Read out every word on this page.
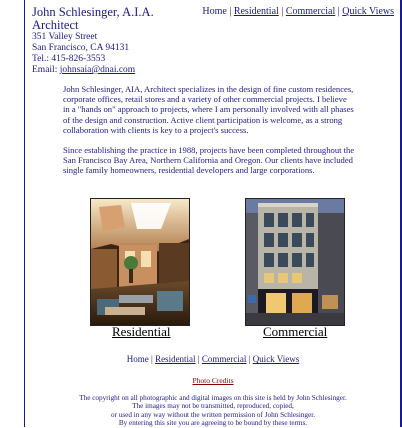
John Schlesinger, A.I.A.
Architect
351 Valley Street
San Francisco, CA 94131
Tel.: 415-826-3553
Email: johnsaia@dnai.com
Home | Residential | Commercial | Quick Views

John Schlesinger, AIA, Architect specializes in the design of fine custom residences, corporate offices, retail stores and a variety of other commercial projects. I believe in a "hands on" approach to projects, where I am personally involved with all phases of the design and construction. Active client participation is welcome, as a strong collaboration with clients is key to a project's success.

Since establishing the practice in 1988, projects have been completed throughout the San Francisco Bay Area, Northern California and Oregon. Our clients have included single family homeowners, residential developers and large corporations.

Residential	Commercial
Home | Residential | Commercial | Quick Views
Photo Credits
The copyright on all photographic and digital images on this site is held by John Schlesinger.
The images may not be transmitted, reproduced, copied,
or used in any way without the written permission of John Schlesinger.
By entering this site you are agreeing to be bound by these terms.
